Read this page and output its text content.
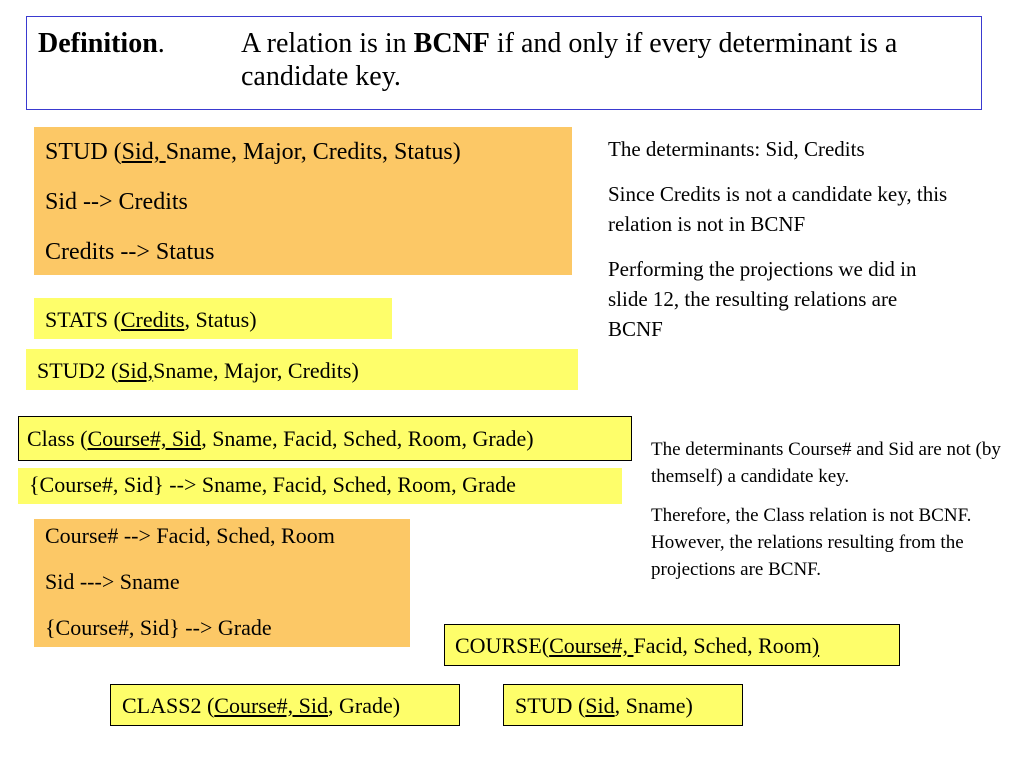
Definition.	A relation is in BCNF if and only if every determinant is a candidate key.
STUD (Sid, Sname, Major, Credits, Status)
Sid --> Credits
Credits --> Status
STATS (Credits, Status)
STUD2 (Sid,Sname, Major, Credits)

The determinants: Sid, Credits

Since Credits is not a candidate key, this relation is not in BCNF

Performing the projections we did in slide 12, the resulting relations are BCNF

Class (Course#, Sid, Sname, Facid, Sched, Room, Grade)
{Course#, Sid} --> Sname, Facid, Sched, Room, Grade
Course# --> Facid, Sched, Room
Sid ---> Sname
{Course#, Sid} --> Grade

The determinants Course# and Sid are not (by themself) a candidate key.

Therefore, the Class relation is not BCNF. However, the relations resulting from the projections are BCNF.

COURSE(Course#, Facid, Sched, Room)
CLASS2 (Course#, Sid, Grade)	STUD (Sid, Sname)
